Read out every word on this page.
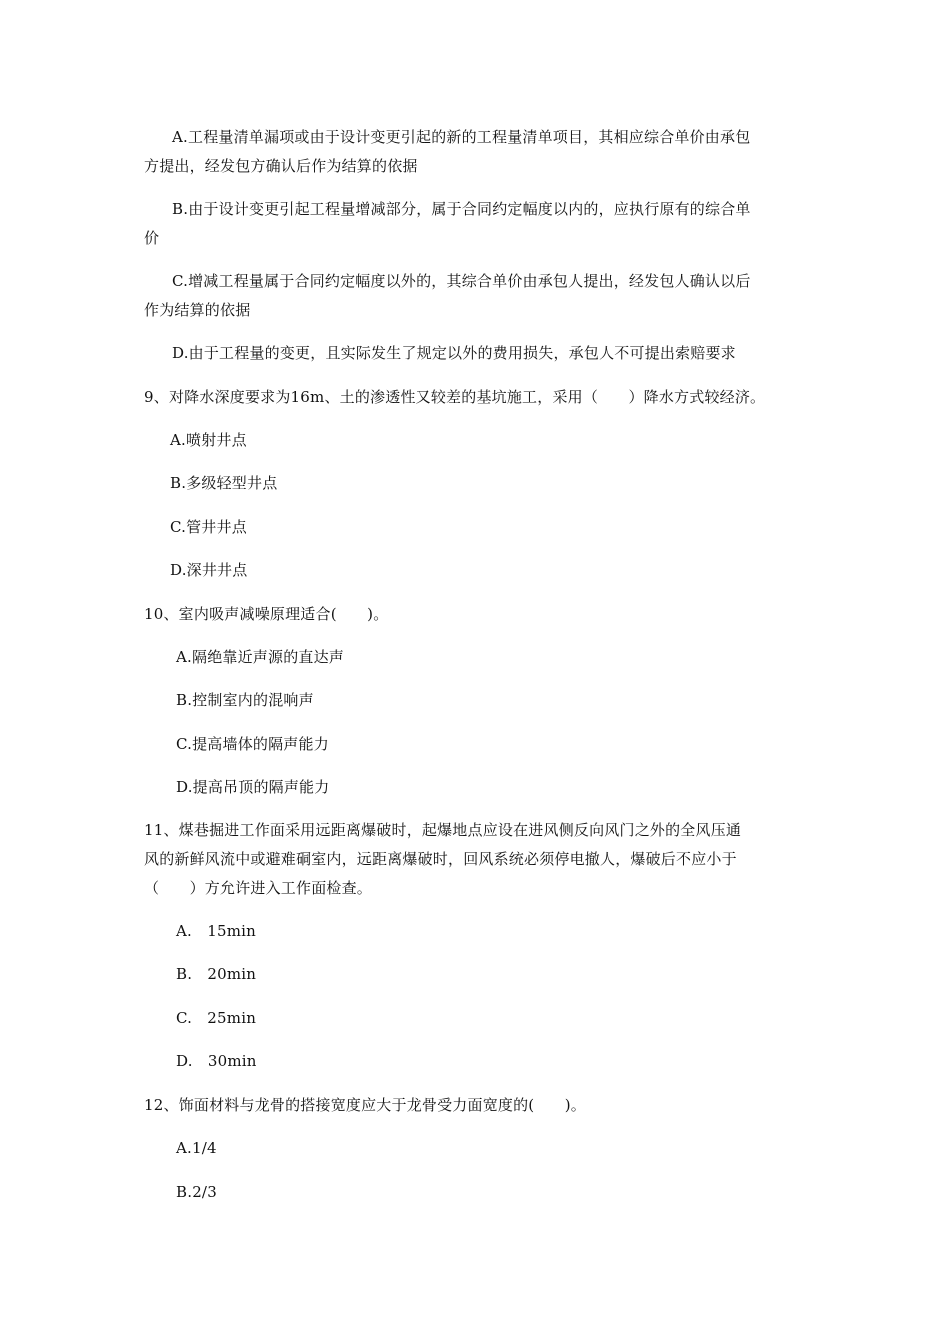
A.工程量清单漏项或由于设计变更引起的新的工程量清单项目，其相应综合单价由承包
方提出，经发包方确认后作为结算的依据
B.由于设计变更引起工程量增减部分，属于合同约定幅度以内的，应执行原有的综合单
价
C.增减工程量属于合同约定幅度以外的，其综合单价由承包人提出，经发包人确认以后
作为结算的依据
D.由于工程量的变更，且实际发生了规定以外的费用损失，承包人不可提出索赔要求
9、对降水深度要求为16m、土的渗透性又较差的基坑施工，采用（　　）降水方式较经济。
A.喷射井点
B.多级轻型井点
C.管井井点
D.深井井点
10、室内吸声减噪原理适合(　　)。
A.隔绝靠近声源的直达声
B.控制室内的混响声
C.提高墙体的隔声能力
D.提高吊顶的隔声能力
11、煤巷掘进工作面采用远距离爆破时，起爆地点应设在进风侧反向风门之外的全风压通
风的新鲜风流中或避难硐室内，远距离爆破时，回风系统必须停电撤人，爆破后不应小于
（　　）方允许进入工作面检查。
A.　15min
B.　20min
C.　25min
D.　30min
12、饰面材料与龙骨的搭接宽度应大于龙骨受力面宽度的(　　)。
A.1/4
B.2/3
